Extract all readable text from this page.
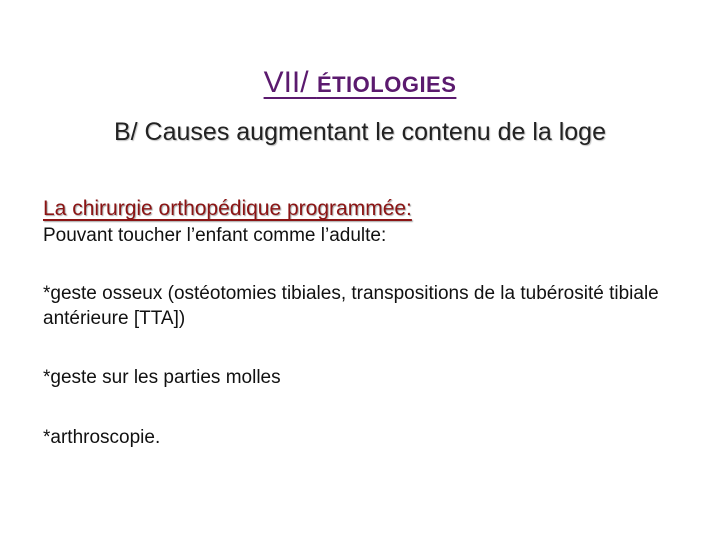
VII/ ÉTIOLOGIES
B/ Causes augmentant le contenu de la loge
La chirurgie orthopédique programmée:

Pouvant toucher l’enfant comme l’adulte:

*geste osseux (ostéotomies tibiales, transpositions de la tubérosité tibiale antérieure [TTA])

*geste sur les parties molles

*arthroscopie.
